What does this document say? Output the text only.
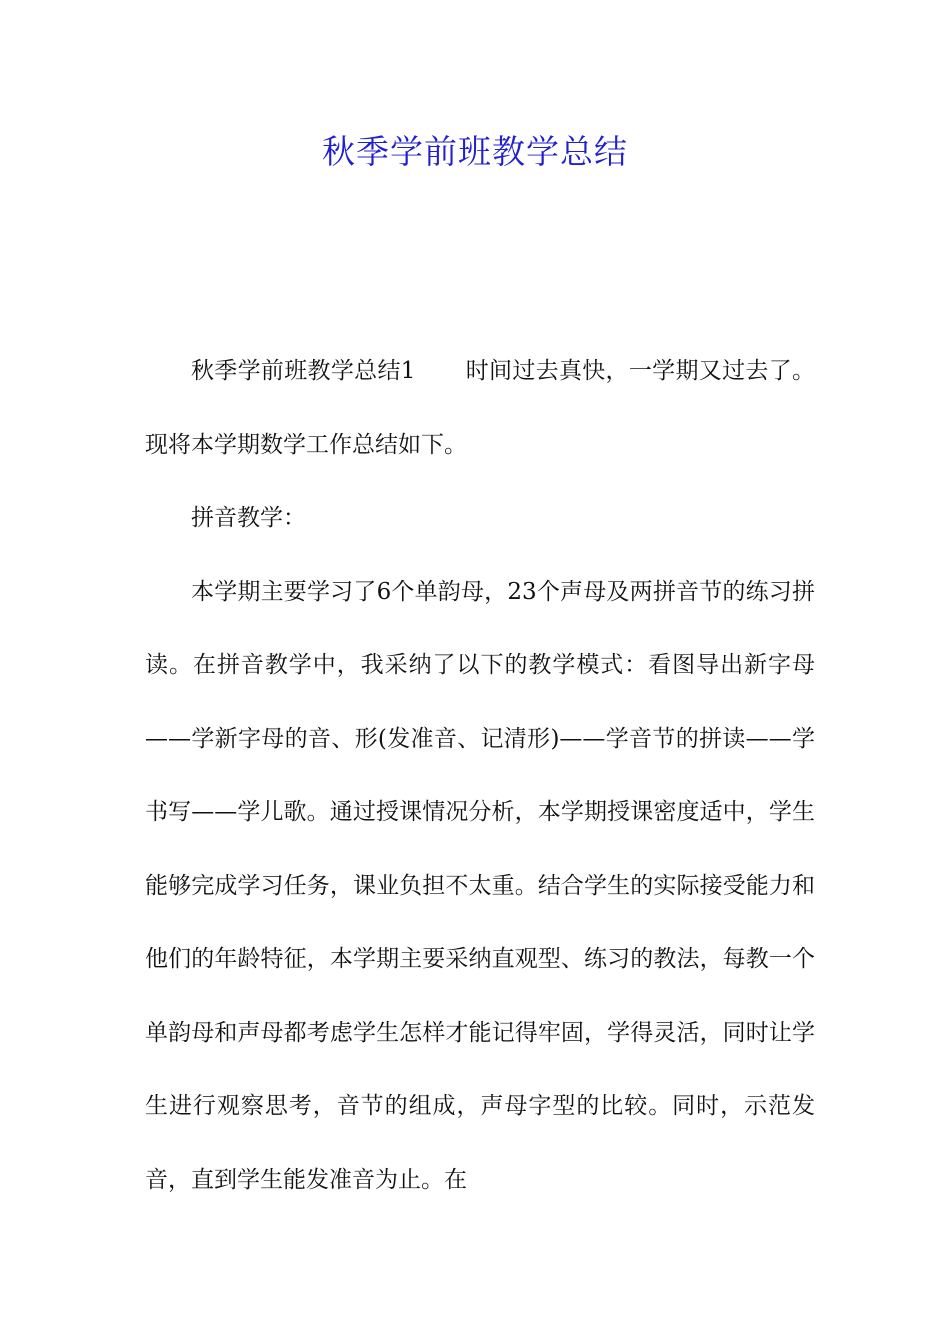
秋季学前班教学总结

秋季学前班教学总结1 时间过去真快，一学期又过去了。现将本学期数学工作总结如下。

拼音教学：

本学期主要学习了6个单韵母，23个声母及两拼音节的练习拼读。在拼音教学中，我采纳了以下的教学模式：看图导出新字母——学新字母的音、形(发准音、记清形)——学音节的拼读——学书写——学儿歌。通过授课情况分析，本学期授课密度适中，学生能够完成学习任务，课业负担不太重。结合学生的实际接受能力和他们的年龄特征，本学期主要采纳直观型、练习的教法，每教一个单韵母和声母都考虑学生怎样才能记得牢固，学得灵活，同时让学生进行观察思考，音节的组成，声母字型的比较。同时，示范发音，直到学生能发准音为止。在
